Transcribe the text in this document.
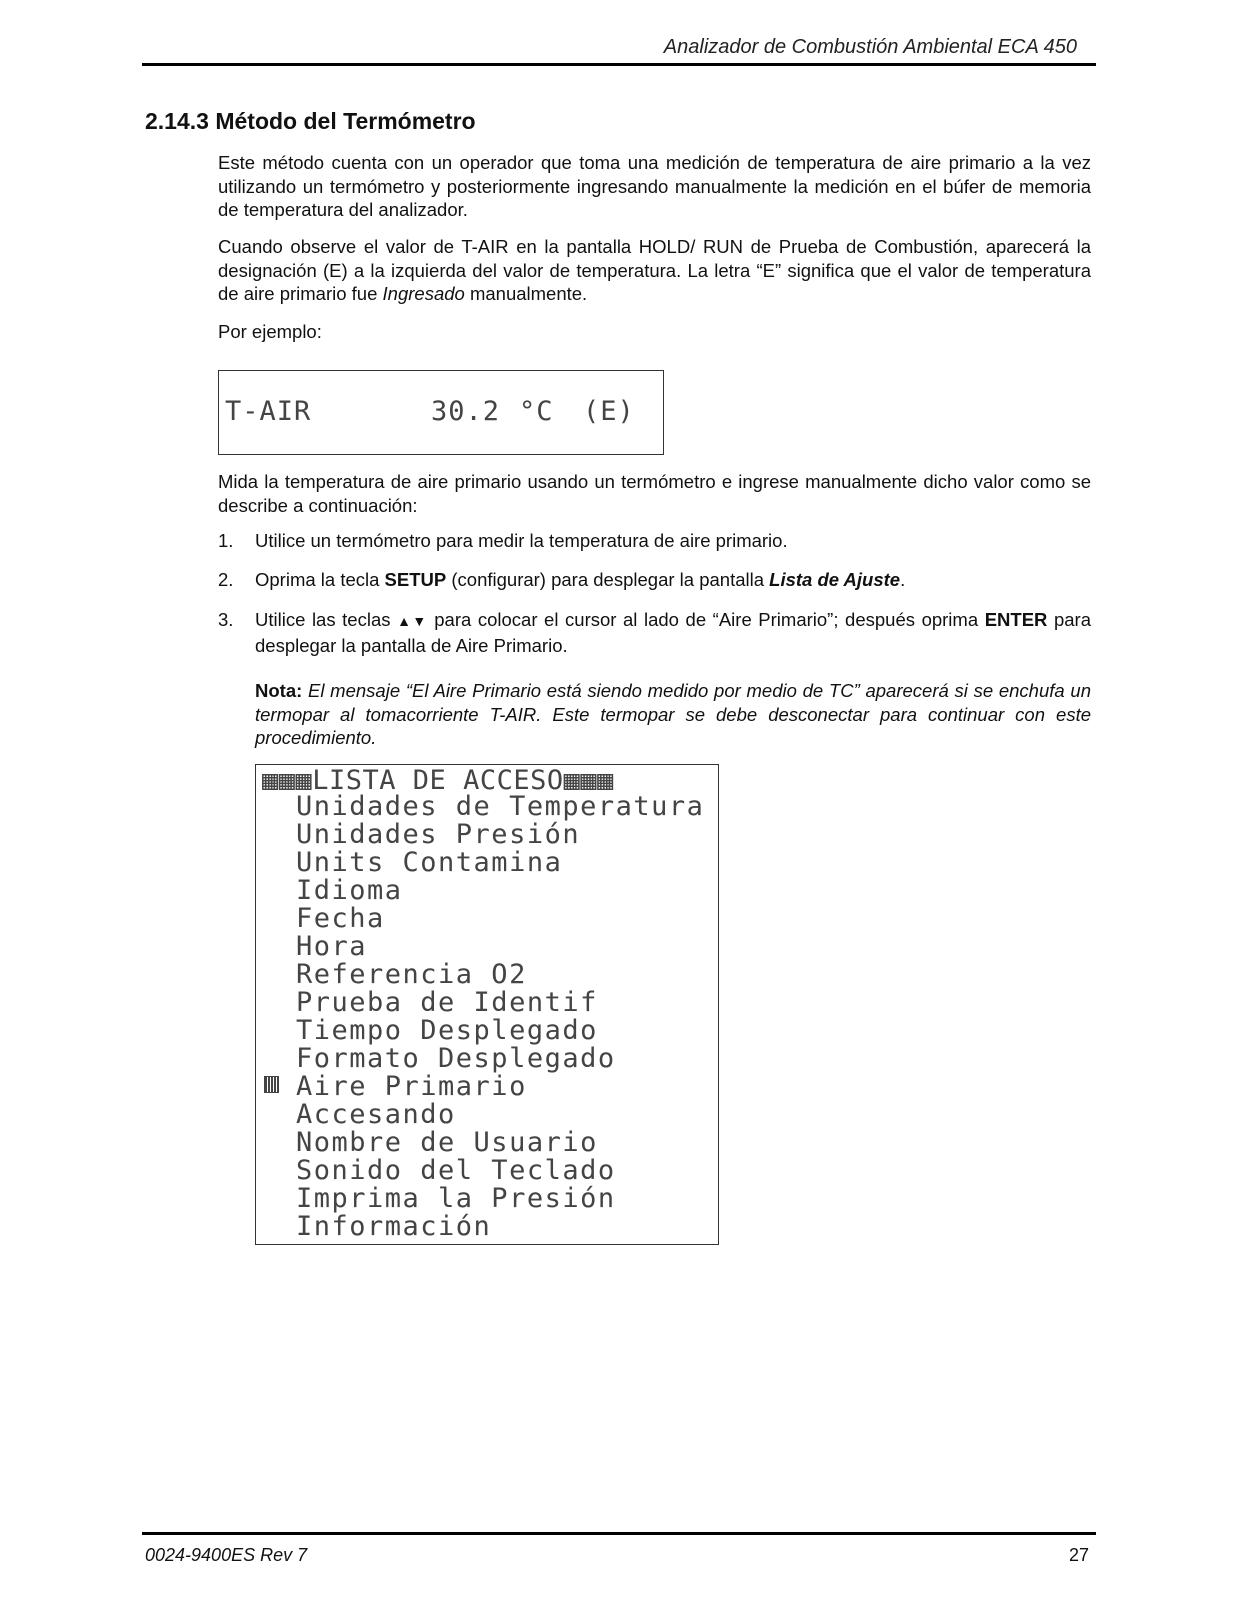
Analizador de Combustión Ambiental ECA 450
2.14.3 Método del Termómetro

Este método cuenta con un operador que toma una medición de temperatura de aire primario a la vez utilizando un termómetro y posteriormente ingresando manualmente la medición en el búfer de memoria de temperatura del analizador.

Cuando observe el valor de T-AIR en la pantalla HOLD/ RUN de Prueba de Combustión, aparecerá la designación (E) a la izquierda del valor de temperatura. La letra “E” significa que el valor de temperatura de aire primario fue Ingresado manualmente.

Por ejemplo:

T-AIR	30.2 °C (E)

Mida la temperatura de aire primario usando un termómetro e ingrese manualmente dicho valor como se describe a continuación:

1. Utilice un termómetro para medir la temperatura de aire primario.
2. Oprima la tecla SETUP (configurar) para desplegar la pantalla Lista de Ajuste.
3. Utilice las teclas ▲▼ para colocar el cursor al lado de “Aire Primario”; después oprima ENTER para desplegar la pantalla de Aire Primario.
Nota: El mensaje “El Aire Primario está siendo medido por medio de TC” aparecerá si se enchufa un termopar al tomacorriente T-AIR. Este termopar se debe desconectar para continuar con este procedimiento.
▦▦▦LISTA DE ACCESO▦▦▦
Unidades de Temperatura
Unidades Presión
Units Contamina
Idioma
Fecha
Hora
Referencia O2
Prueba de Identif
Tiempo Desplegado
Formato Desplegado
Aire Primario
Accesando
Nombre de Usuario
Sonido del Teclado
Imprima la Presión
Información
0024-9400ES Rev 7	27
